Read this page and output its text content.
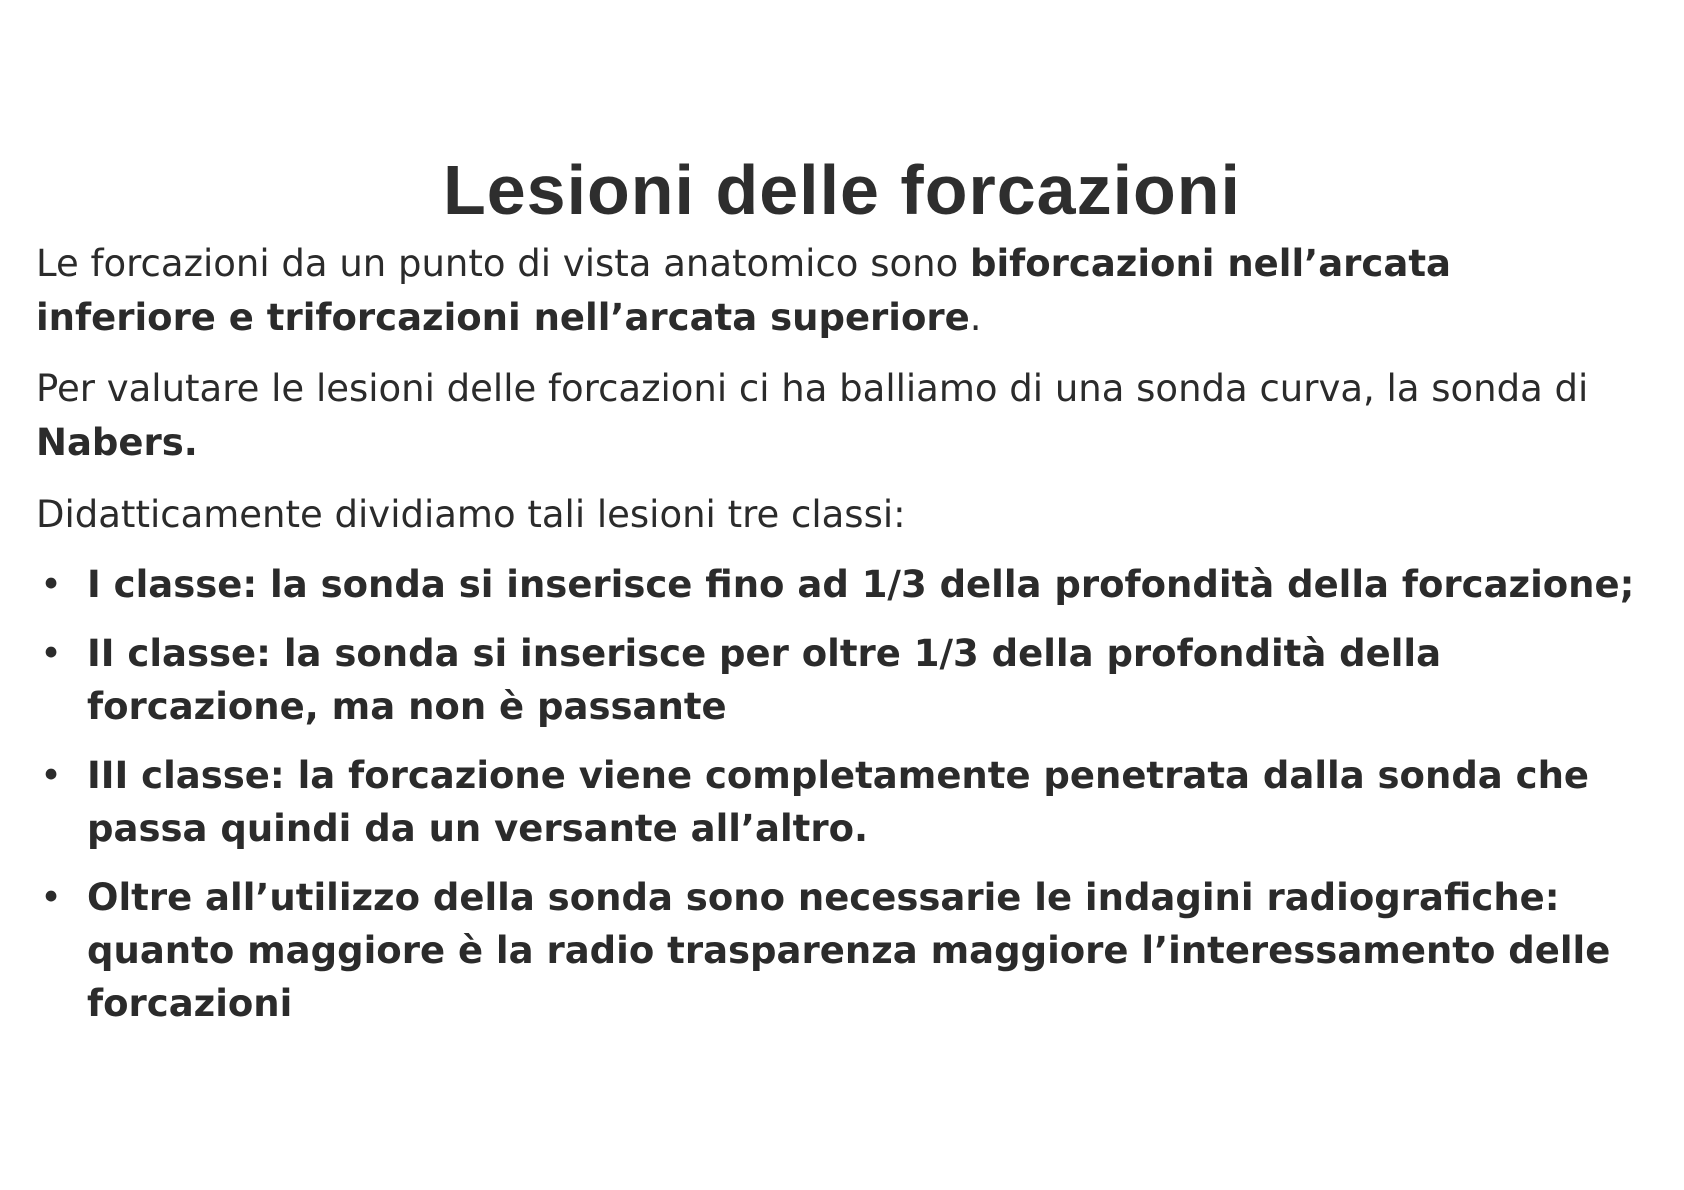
Lesioni delle forcazioni
Le forcazioni da un punto di vista anatomico sono biforcazioni nell’arcata inferiore e triforcazioni nell’arcata superiore.
Per valutare le lesioni delle forcazioni ci ha balliamo di una sonda curva, la sonda di Nabers.
Didatticamente dividiamo tali lesioni tre classi:
• I classe: la sonda si inserisce fino ad 1/3 della profondità della forcazione;
• II classe: la sonda si inserisce per oltre 1/3 della profondità della forcazione, ma non è passante
• III classe: la forcazione viene completamente penetrata dalla sonda che passa quindi da un versante all’altro.
• Oltre all’utilizzo della sonda sono necessarie le indagini radiografiche: quanto maggiore è la radio trasparenza maggiore l’interessamento delle forcazioni
